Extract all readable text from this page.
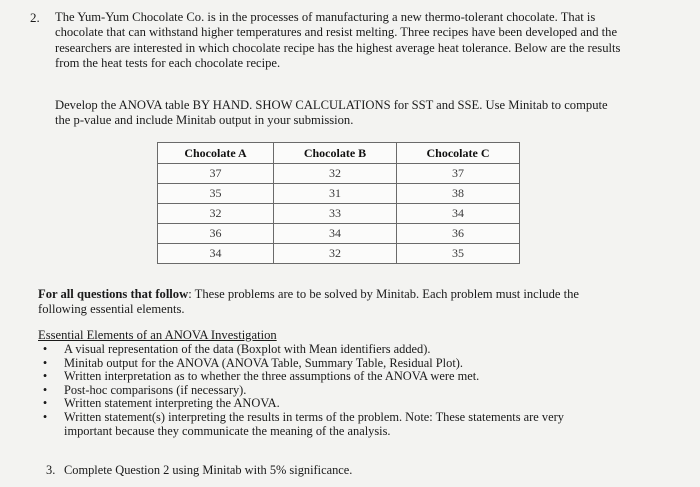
2. The Yum-Yum Chocolate Co. is in the processes of manufacturing a new thermo-tolerant chocolate. That is

chocolate that can withstand higher temperatures and resist melting. Three recipes have been developed and the

researchers are interested in which chocolate recipe has the highest average heat tolerance. Below are the results

from the heat tests for each chocolate recipe.

Develop the ANOVA table BY HAND. SHOW CALCULATIONS for SST and SSE. Use Minitab to compute

the p-value and include Minitab output in your submission.

Chocolate A	Chocolate B	Chocolate C
37	32	37
35	31	38
32	33	34
36	34	36
34	32	35

For all questions that follow: These problems are to be solved by Minitab. Each problem must include the

following essential elements.

Essential Elements of an ANOVA Investigation
• A visual representation of the data (Boxplot with Mean identifiers added).
• Minitab output for the ANOVA (ANOVA Table, Summary Table, Residual Plot).
• Written interpretation as to whether the three assumptions of the ANOVA were met.
• Post-hoc comparisons (if necessary).
• Written statement interpreting the ANOVA.
• Written statement(s) interpreting the results in terms of the problem. Note: These statements are very
important because they communicate the meaning of the analysis.
3. Complete Question 2 using Minitab with 5% significance.
